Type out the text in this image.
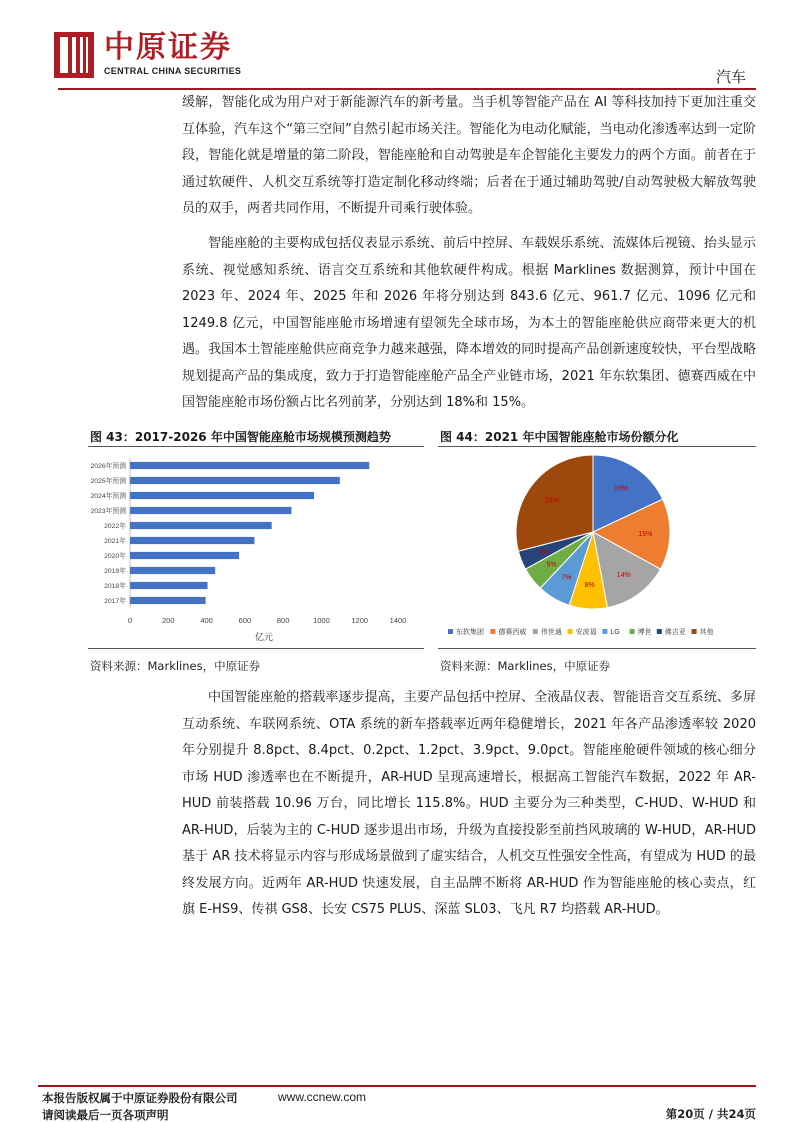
中原证券
CENTRAL CHINA SECURITIES	汽车
缓解，智能化成为用户对于新能源汽车的新考量。当手机等智能产品在 AI 等科技加持下更加注重交互体验，汽车这个“第三空间”自然引起市场关注。智能化为电动化赋能，当电动化渗透率达到一定阶段，智能化就是增量的第二阶段，智能座舱和自动驾驶是车企智能化主要发力的两个方面。前者在于通过软硬件、人机交互系统等打造定制化移动终端；后者在于通过辅助驾驶/自动驾驶极大解放驾驶员的双手，两者共同作用，不断提升司乘行驶体验。
智能座舱的主要构成包括仪表显示系统、前后中控屏、车载娱乐系统、流媒体后视镜、抬头显示系统、视觉感知系统、语言交互系统和其他软硬件构成。根据 Marklines 数据测算，预计中国在 2023 年、2024 年、2025 年和 2026 年将分别达到 843.6 亿元、961.7 亿元、1096 亿元和 1249.8 亿元，中国智能座舱市场增速有望领先全球市场，为本土的智能座舱供应商带来更大的机遇。我国本土智能座舱供应商竞争力越来越强，降本增效的同时提高产品创新速度较快，平台型战略规划提高产品的集成度，致力于打造智能座舱产品全产业链市场，2021 年东软集团、德赛西威在中国智能座舱市场份额占比名列前茅，分别达到 18%和 15%。
图 43：2017-2026 年中国智能座舱市场规模预测趋势
0	200	400	600	800	1000	1200	1400
亿元
2017年
2018年
2019年
2020年
2021年
2022年
2023年预测
2024年预测
2025年预测
2026年预测
资料来源：Marklines，中原证券
图 44：2021 年中国智能座舱市场份额分化
18%
15%
14%
8%
7%
5%
4%
29%
东软集团 德赛西威 伟世通 安波福 LG	博世 佛吉亚 其他
资料来源：Marklines，中原证券
中国智能座舱的搭载率逐步提高，主要产品包括中控屏、全液晶仪表、智能语音交互系统、多屏互动系统、车联网系统、OTA 系统的新车搭载率近两年稳健增长，2021 年各产品渗透率较 2020 年分别提升 8.8pct、8.4pct、0.2pct、1.2pct、3.9pct、9.0pct。智能座舱硬件领域的核心细分市场 HUD 渗透率也在不断提升，AR-HUD 呈现高速增长，根据高工智能汽车数据，2022 年 AR-HUD 前装搭载 10.96 万台，同比增长 115.8%。HUD 主要分为三种类型，C-HUD、W-HUD 和 AR-HUD，后装为主的 C-HUD 逐步退出市场，升级为直接投影至前挡风玻璃的 W-HUD，AR-HUD 基于 AR 技术将显示内容与形成场景做到了虚实结合，人机交互性强安全性高，有望成为 HUD 的最终发展方向。近两年 AR-HUD 快速发展，自主品牌不断将 AR-HUD 作为智能座舱的核心卖点，红旗 E-HS9、传祺 GS8、长安 CS75 PLUS、深蓝 SL03、飞凡 R7 均搭载 AR-HUD。
本报告版权属于中原证券股份有限公司	www.ccnew.com
请阅读最后一页各项声明	第20页 / 共24页
